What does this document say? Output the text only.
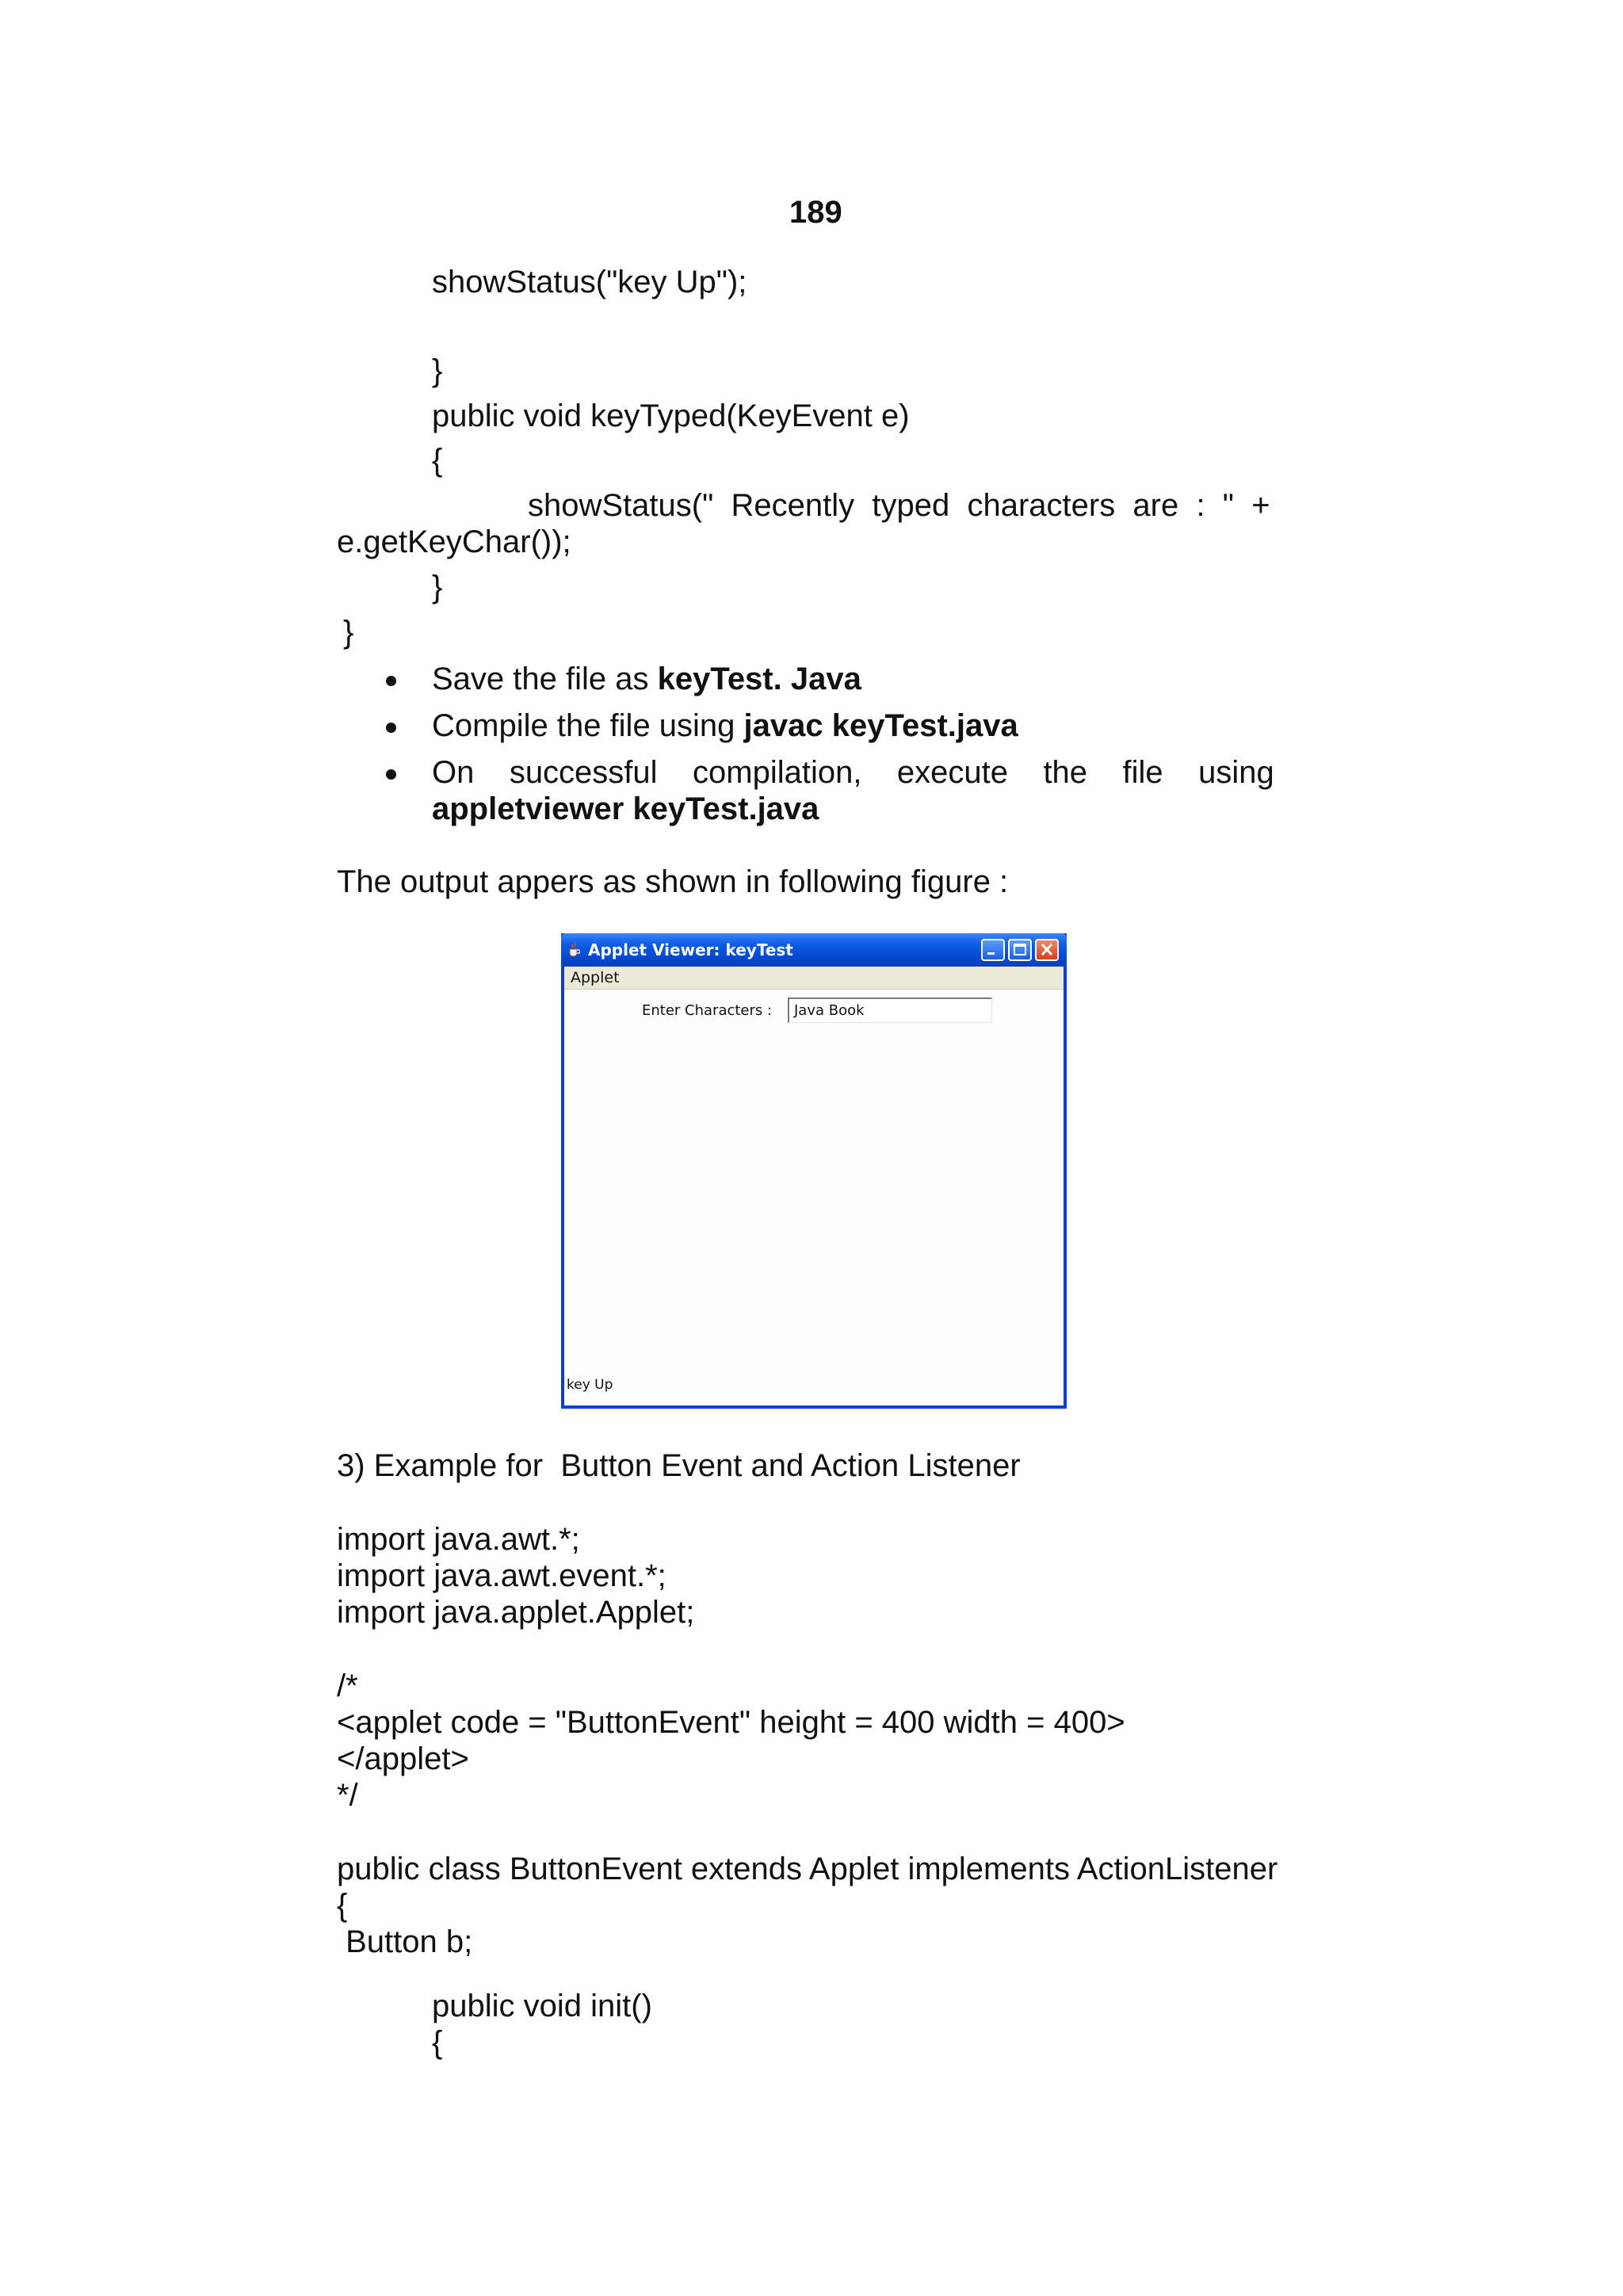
189
showStatus("key Up");
}
public void keyTyped(KeyEvent e)
{
showStatus("  Recently  typed  characters  are  :  "  +
e.getKeyChar());
}
}
Save the file as keyTest. Java
Compile the file using javac keyTest.java
On    successful    compilation,    execute    the    file    using
appletviewer keyTest.java
The output appers as shown in following figure :
Applet Viewer: keyTest
Applet
Enter Characters :	Java Book
key Up
3) Example for  Button Event and Action Listener
import java.awt.*;
import java.awt.event.*;
import java.applet.Applet;
/*
<applet code = "ButtonEvent" height = 400 width = 400>
</applet>
*/
public class ButtonEvent extends Applet implements ActionListener
{
Button b;
public void init()
{
